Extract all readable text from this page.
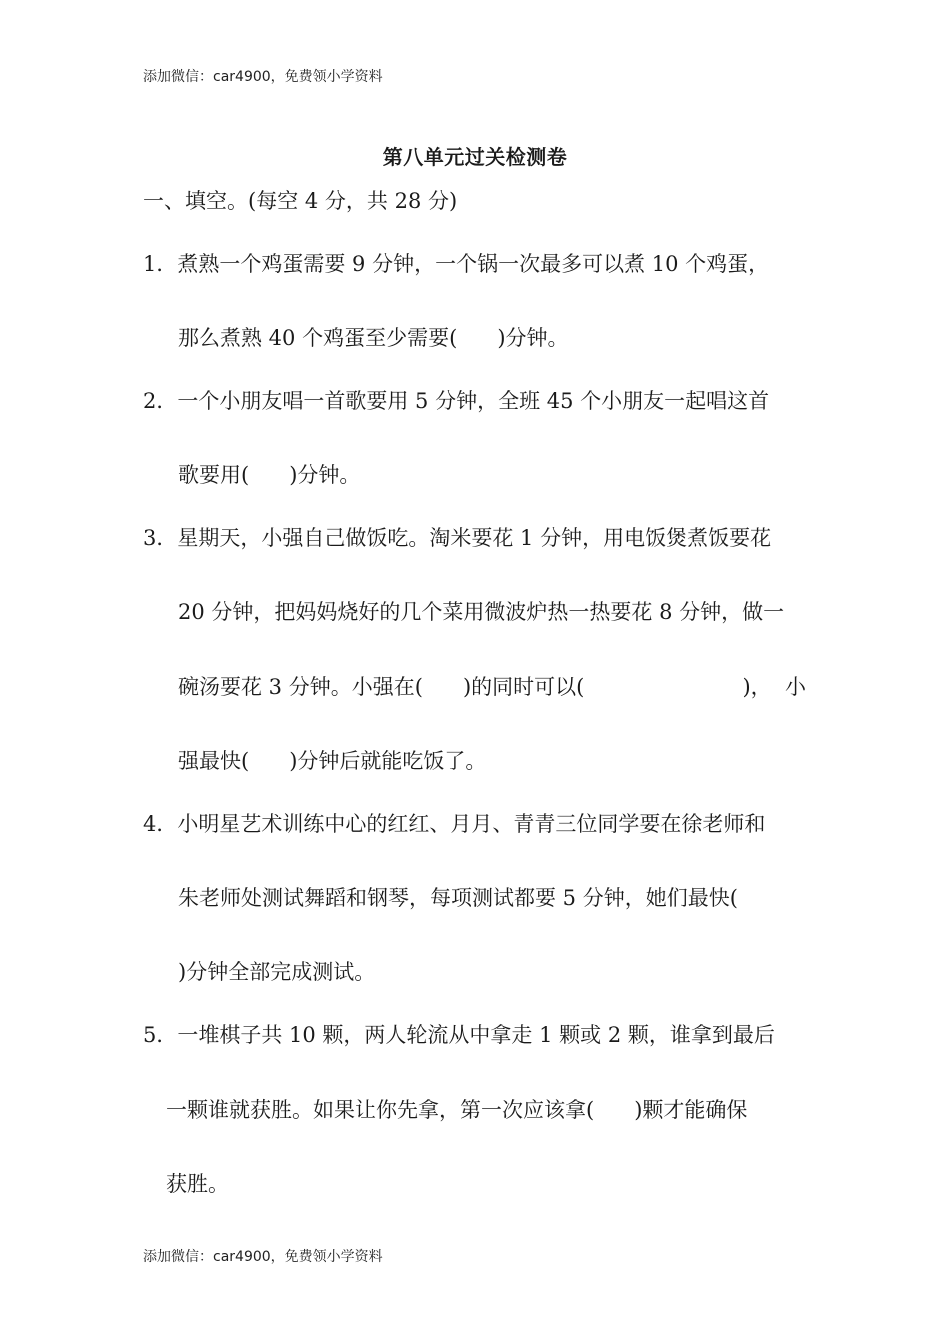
添加微信：car4900，免费领小学资料
第八单元过关检测卷
一、填空。(每空 4 分，共 28 分)
1．煮熟一个鸡蛋需要 9 分钟，一个锅一次最多可以煮 10 个鸡蛋，
那么煮熟 40 个鸡蛋至少需要(      )分钟。
2．一个小朋友唱一首歌要用 5 分钟，全班 45 个小朋友一起唱这首
歌要用(      )分钟。
3．星期天，小强自己做饭吃。淘米要花 1 分钟，用电饭煲煮饭要花
20 分钟，把妈妈烧好的几个菜用微波炉热一热要花 8 分钟，做一
碗汤要花 3 分钟。小强在(      )的同时可以(	)，  小
强最快(      )分钟后就能吃饭了。
4．小明星艺术训练中心的红红、月月、青青三位同学要在徐老师和
朱老师处测试舞蹈和钢琴，每项测试都要 5 分钟，她们最快(
)分钟全部完成测试。
5．一堆棋子共 10 颗，两人轮流从中拿走 1 颗或 2 颗，谁拿到最后
一颗谁就获胜。如果让你先拿，第一次应该拿(      )颗才能确保
获胜。
添加微信：car4900，免费领小学资料
